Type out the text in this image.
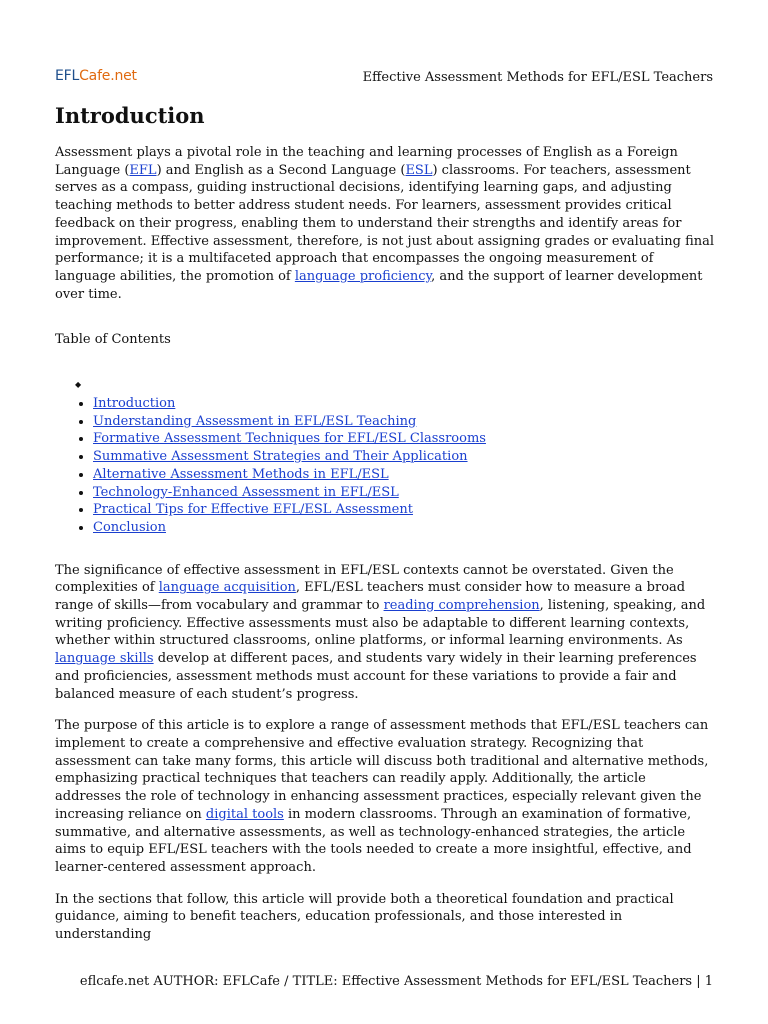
EFLCafe.net	Effective Assessment Methods for EFL/ESL Teachers
Introduction

Assessment plays a pivotal role in the teaching and learning processes of English as a Foreign Language (EFL) and English as a Second Language (ESL) classrooms. For teachers, assessment serves as a compass, guiding instructional decisions, identifying learning gaps, and adjusting teaching methods to better address student needs. For learners, assessment provides critical feedback on their progress, enabling them to understand their strengths and identify areas for improvement. Effective assessment, therefore, is not just about assigning grades or evaluating final performance; it is a multifaceted approach that encompasses the ongoing measurement of language abilities, the promotion of language proficiency, and the support of learner development over time.

Table of Contents

◆
• Introduction
• Understanding Assessment in EFL/ESL Teaching
• Formative Assessment Techniques for EFL/ESL Classrooms
• Summative Assessment Strategies and Their Application
• Alternative Assessment Methods in EFL/ESL
• Technology-Enhanced Assessment in EFL/ESL
• Practical Tips for Effective EFL/ESL Assessment
• Conclusion

The significance of effective assessment in EFL/ESL contexts cannot be overstated. Given the complexities of language acquisition, EFL/ESL teachers must consider how to measure a broad range of skills—from vocabulary and grammar to reading comprehension, listening, speaking, and writing proficiency. Effective assessments must also be adaptable to different learning contexts, whether within structured classrooms, online platforms, or informal learning environments. As language skills develop at different paces, and students vary widely in their learning preferences and proficiencies, assessment methods must account for these variations to provide a fair and balanced measure of each student’s progress.

The purpose of this article is to explore a range of assessment methods that EFL/ESL teachers can implement to create a comprehensive and effective evaluation strategy. Recognizing that assessment can take many forms, this article will discuss both traditional and alternative methods, emphasizing practical techniques that teachers can readily apply. Additionally, the article addresses the role of technology in enhancing assessment practices, especially relevant given the increasing reliance on digital tools in modern classrooms. Through an examination of formative, summative, and alternative assessments, as well as technology-enhanced strategies, the article aims to equip EFL/ESL teachers with the tools needed to create a more insightful, effective, and learner-centered assessment approach.

In the sections that follow, this article will provide both a theoretical foundation and practical guidance, aiming to benefit teachers, education professionals, and those interested in understanding

eflcafe.net AUTHOR: EFLCafe / TITLE: Effective Assessment Methods for EFL/ESL Teachers | 1
